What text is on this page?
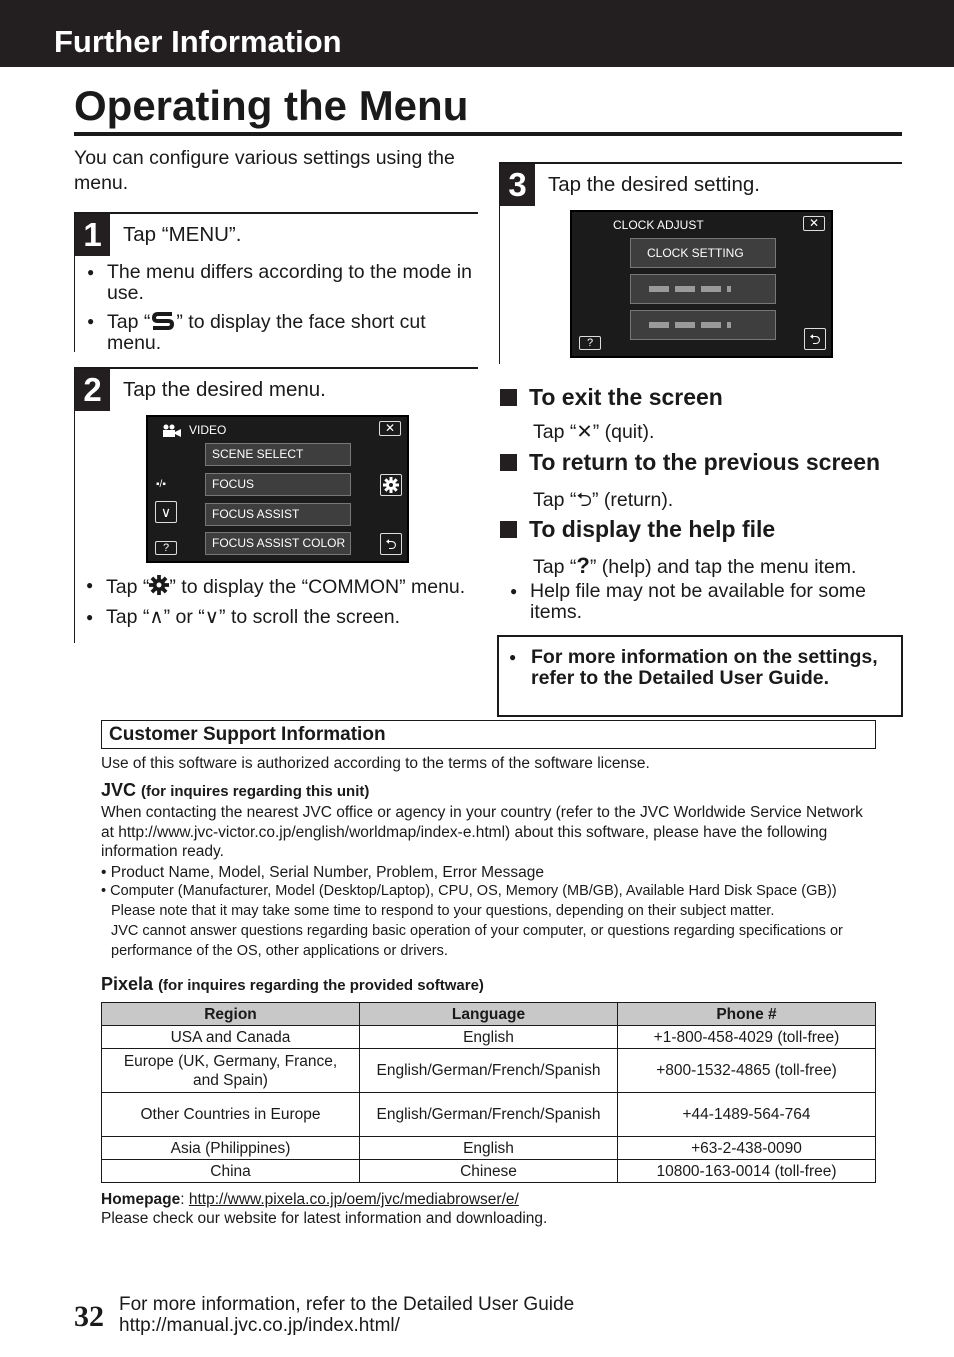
Further Information
Operating the Menu
You can configure various settings using the menu.
1	Tap “MENU”.
● The menu differs according to the mode in use.
● Tap “ ” to display the face short cut menu.
2	Tap the desired menu.
VIDEO	✕
SCENE SELECT
FOCUS
FOCUS ASSIST
FOCUS ASSIST COLOR
▪/▪
∨
?	⮌
● Tap “ ” to display the “COMMON” menu.
● Tap “∧” or “∨” to scroll the screen.
3	Tap the desired setting.
CLOCK ADJUST	✕
CLOCK SETTING
?	⮌
To exit the screen
Tap “✕” (quit).
To return to the previous screen
Tap “⮌” (return).
To display the help file
Tap “?” (help) and tap the menu item.
● Help file may not be available for some items.
● For more information on the settings, refer to the Detailed User Guide.
Customer Support Information
Use of this software is authorized according to the terms of the software license.
JVC (for inquires regarding this unit)
When contacting the nearest JVC office or agency in your country (refer to the JVC Worldwide Service Network at http://www.jvc-victor.co.jp/english/worldmap/index-e.html) about this software, please have the following information ready.
• Product Name, Model, Serial Number, Problem, Error Message
• Computer (Manufacturer, Model (Desktop/Laptop), CPU, OS, Memory (MB/GB), Available Hard Disk Space (GB))
Please note that it may take some time to respond to your questions, depending on their subject matter.
JVC cannot answer questions regarding basic operation of your computer, or questions regarding specifications or performance of the OS, other applications or drivers.
Pixela (for inquires regarding the provided software)
Region	Language	Phone #
USA and Canada	English	+1-800-458-4029 (toll-free)
Europe (UK, Germany, France, and Spain)	English/German/French/Spanish	+800-1532-4865 (toll-free)
Other Countries in Europe	English/German/French/Spanish	+44-1489-564-764
Asia (Philippines)	English	+63-2-438-0090
China	Chinese	10800-163-0014 (toll-free)
Homepage: http://www.pixela.co.jp/oem/jvc/mediabrowser/e/
Please check our website for latest information and downloading.
32 For more information, refer to the Detailed User Guide
http://manual.jvc.co.jp/index.html/
